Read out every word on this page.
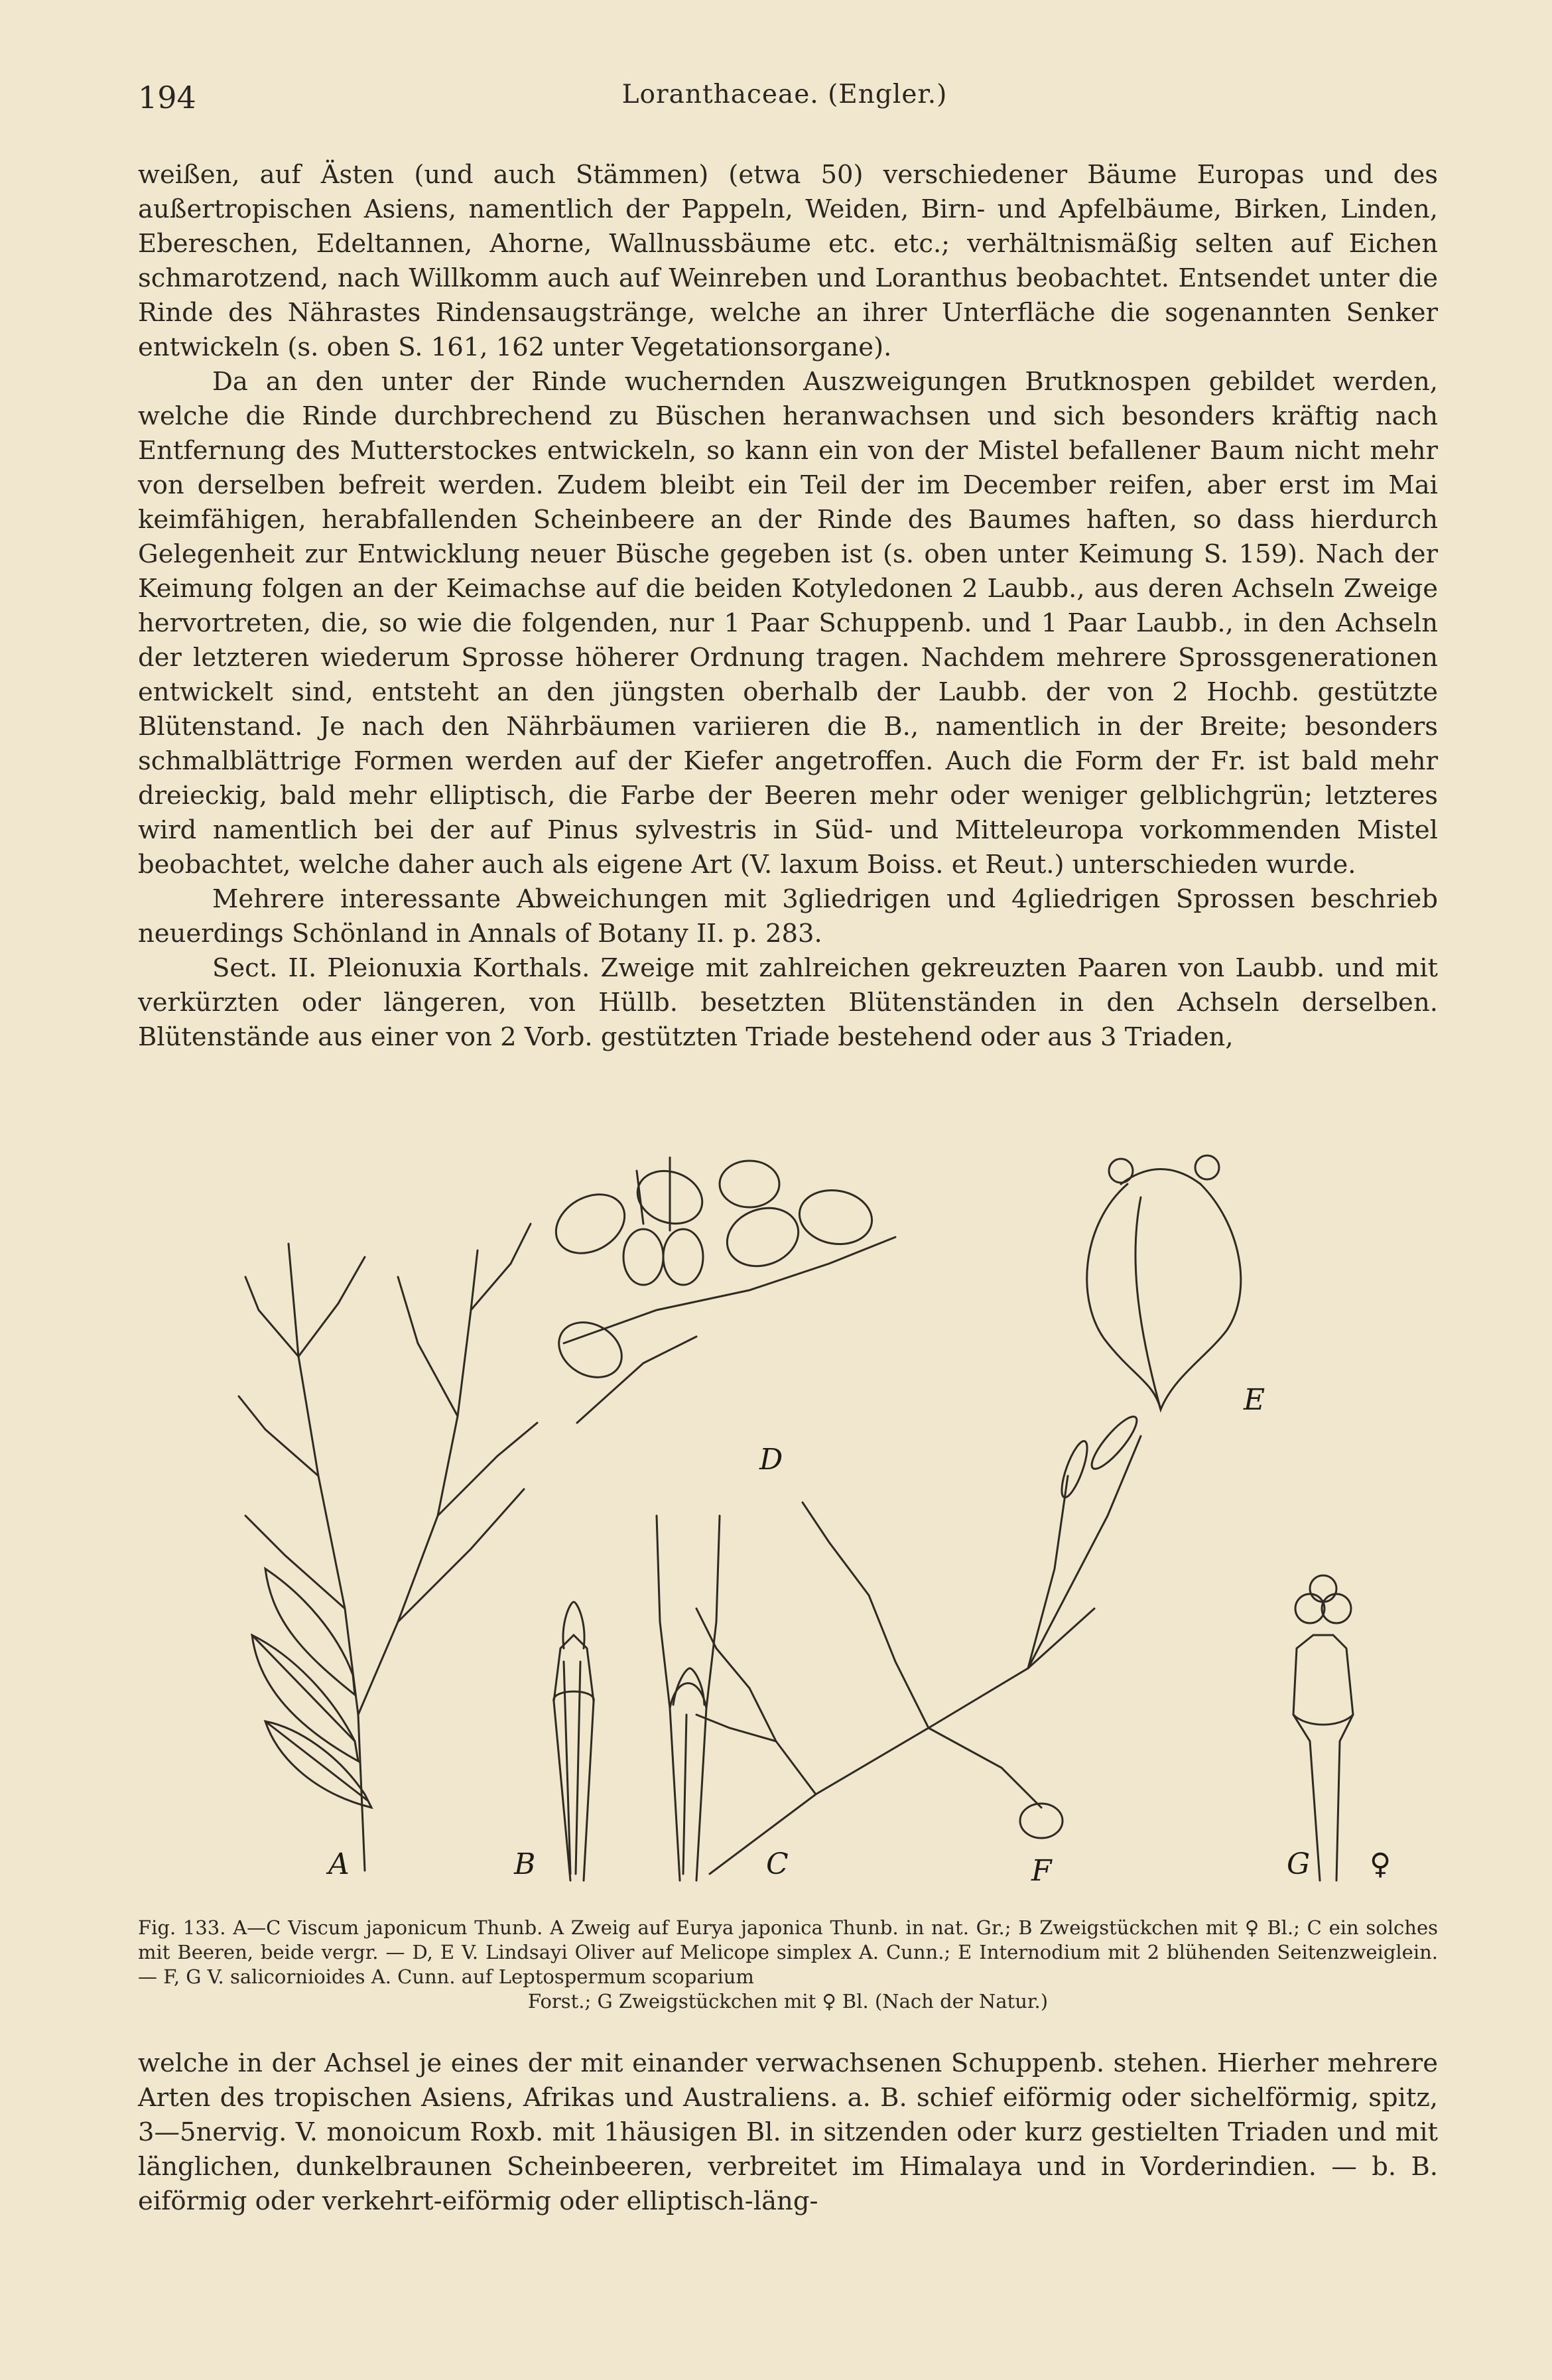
194	Loranthaceae. (Engler.)

weißen, auf Ästen (und auch Stämmen) (etwa 50) verschiedener Bäume Europas und des außertropischen Asiens, namentlich der Pappeln, Weiden, Birn- und Apfelbäume, Birken, Linden, Ebereschen, Edeltannen, Ahorne, Wallnussbäume etc. etc.; verhältnismäßig selten auf Eichen schmarotzend, nach Willkomm auch auf Weinreben und Loranthus beobachtet. Entsendet unter die Rinde des Nährastes Rindensaugstränge, welche an ihrer Unterfläche die sogenannten Senker entwickeln (s. oben S. 161, 162 unter Vegetationsorgane).

Da an den unter der Rinde wuchernden Auszweigungen Brutknospen gebildet werden, welche die Rinde durchbrechend zu Büschen heranwachsen und sich besonders kräftig nach Entfernung des Mutterstockes entwickeln, so kann ein von der Mistel befallener Baum nicht mehr von derselben befreit werden. Zudem bleibt ein Teil der im December reifen, aber erst im Mai keimfähigen, herabfallenden Scheinbeere an der Rinde des Baumes haften, so dass hierdurch Gelegenheit zur Entwicklung neuer Büsche gegeben ist (s. oben unter Keimung S. 159). Nach der Keimung folgen an der Keimachse auf die beiden Kotyledonen 2 Laubb., aus deren Achseln Zweige hervortreten, die, so wie die folgenden, nur 1 Paar Schuppenb. und 1 Paar Laubb., in den Achseln der letzteren wiederum Sprosse höherer Ordnung tragen. Nachdem mehrere Sprossgenerationen entwickelt sind, entsteht an den jüngsten oberhalb der Laubb. der von 2 Hochb. gestützte Blütenstand. Je nach den Nährbäumen variieren die B., namentlich in der Breite; besonders schmalblättrige Formen werden auf der Kiefer angetroffen. Auch die Form der Fr. ist bald mehr dreieckig, bald mehr elliptisch, die Farbe der Beeren mehr oder weniger gelblichgrün; letzteres wird namentlich bei der auf Pinus sylvestris in Süd- und Mitteleuropa vorkommenden Mistel beobachtet, welche daher auch als eigene Art (V. laxum Boiss. et Reut.) unterschieden wurde.

Mehrere interessante Abweichungen mit 3gliedrigen und 4gliedrigen Sprossen beschrieb neuerdings Schönland in Annals of Botany II. p. 283.

Sect. II. Pleionuxia Korthals. Zweige mit zahlreichen gekreuzten Paaren von Laubb. und mit verkürzten oder längeren, von Hüllb. besetzten Blütenständen in den Achseln derselben. Blütenstände aus einer von 2 Vorb. gestützten Triade bestehend oder aus 3 Triaden,

A	B	C
D
E
F	G ♀
Fig. 133. A—C Viscum japonicum Thunb. A Zweig auf Eurya japonica Thunb. in nat. Gr.; B Zweigstückchen mit ♀ Bl.; C ein solches mit Beeren, beide vergr. — D, E V. Lindsayi Oliver auf Melicope simplex A. Cunn.; E Internodium mit 2 blühenden Seitenzweiglein. — F, G V. salicornioides A. Cunn. auf Leptospermum scoparium
Forst.; G Zweigstückchen mit ♀ Bl. (Nach der Natur.)

welche in der Achsel je eines der mit einander verwachsenen Schuppenb. stehen. Hierher mehrere Arten des tropischen Asiens, Afrikas und Australiens. a. B. schief eiförmig oder sichelförmig, spitz, 3—5nervig. V. monoicum Roxb. mit 1häusigen Bl. in sitzenden oder kurz gestielten Triaden und mit länglichen, dunkelbraunen Scheinbeeren, verbreitet im Himalaya und in Vorderindien. — b. B. eiförmig oder verkehrt-eiförmig oder elliptisch-läng-
